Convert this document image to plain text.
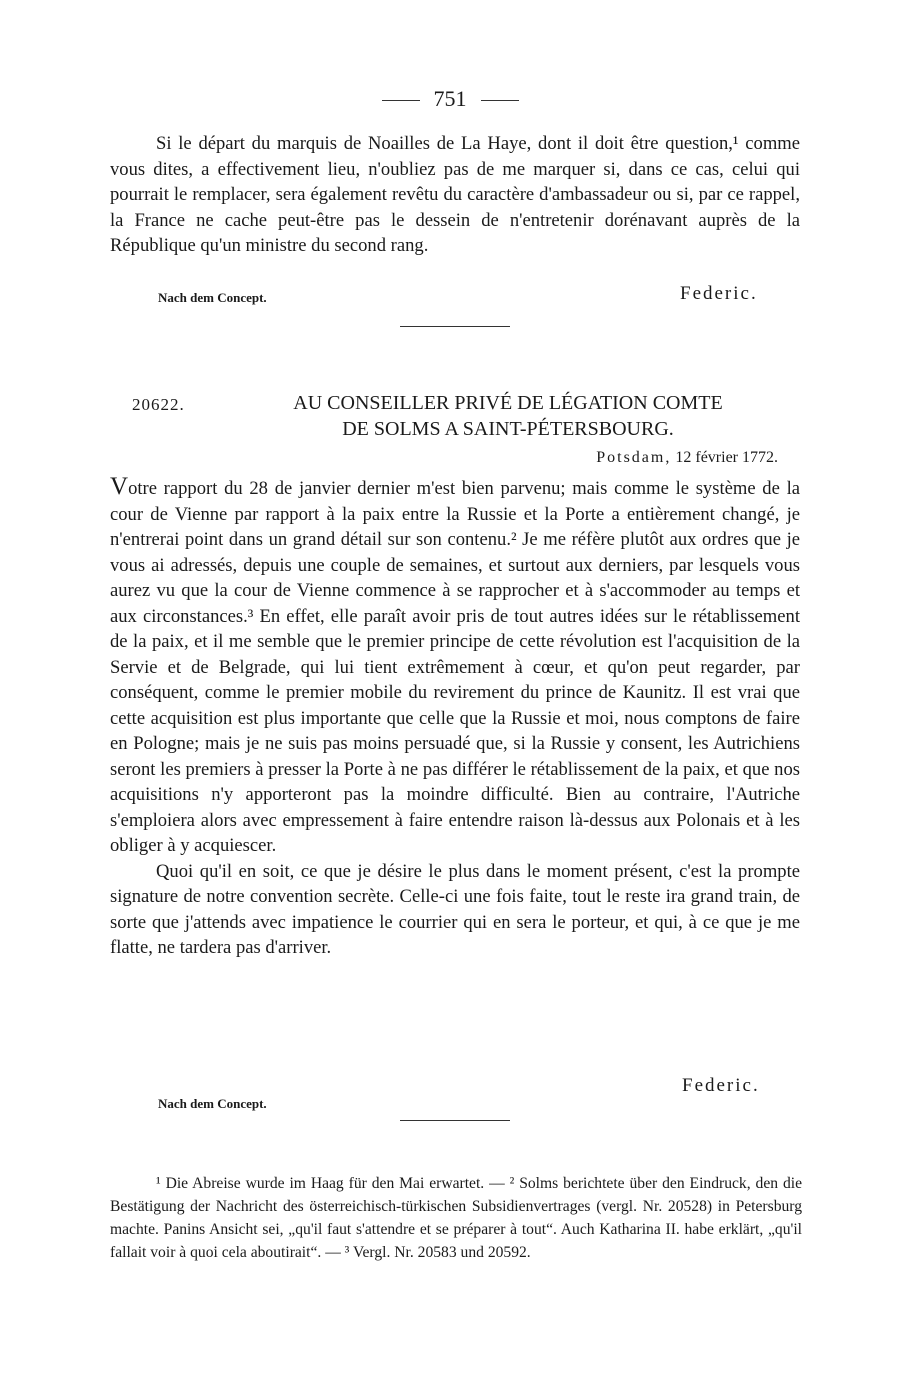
751

Si le départ du marquis de Noailles de La Haye, dont il doit être question,¹ comme vous dites, a effectivement lieu, n'oubliez pas de me marquer si, dans ce cas, celui qui pourrait le remplacer, sera également revêtu du caractère d'ambassadeur ou si, par ce rappel, la France ne cache peut-être pas le dessein de n'entretenir dorénavant auprès de la République qu'un ministre du second rang.

Nach dem Concept.	Federic.
20622.	AU CONSEILLER PRIVÉ DE LÉGATION COMTE
DE SOLMS A SAINT-PÉTERSBOURG.
Potsdam, 12 février 1772.

Votre rapport du 28 de janvier dernier m'est bien parvenu; mais comme le système de la cour de Vienne par rapport à la paix entre la Russie et la Porte a entièrement changé, je n'entrerai point dans un grand détail sur son contenu.² Je me réfère plutôt aux ordres que je vous ai adressés, depuis une couple de semaines, et surtout aux derniers, par lesquels vous aurez vu que la cour de Vienne commence à se rapprocher et à s'accommoder au temps et aux circonstances.³ En effet, elle paraît avoir pris de tout autres idées sur le rétablissement de la paix, et il me semble que le premier principe de cette révolution est l'acquisition de la Servie et de Belgrade, qui lui tient extrêmement à cœur, et qu'on peut regarder, par conséquent, comme le premier mobile du revirement du prince de Kaunitz. Il est vrai que cette acquisition est plus importante que celle que la Russie et moi, nous comptons de faire en Pologne; mais je ne suis pas moins persuadé que, si la Russie y consent, les Autrichiens seront les premiers à presser la Porte à ne pas différer le rétablissement de la paix, et que nos acquisitions n'y apporteront pas la moindre difficulté. Bien au contraire, l'Autriche s'emploiera alors avec empressement à faire entendre raison là-dessus aux Polonais et à les obliger à y acquiescer.

Quoi qu'il en soit, ce que je désire le plus dans le moment présent, c'est la prompte signature de notre convention secrète. Celle-ci une fois faite, tout le reste ira grand train, de sorte que j'attends avec impatience le courrier qui en sera le porteur, et qui, à ce que je me flatte, ne tardera pas d'arriver.

Federic.
Nach dem Concept.

¹ Die Abreise wurde im Haag für den Mai erwartet. — ² Solms berichtete über den Eindruck, den die Bestätigung der Nachricht des österreichisch-türkischen Subsidienvertrages (vergl. Nr. 20528) in Petersburg machte. Panins Ansicht sei, „qu'il faut s'attendre et se préparer à tout“. Auch Katharina II. habe erklärt, „qu'il fallait voir à quoi cela aboutirait“. — ³ Vergl. Nr. 20583 und 20592.
